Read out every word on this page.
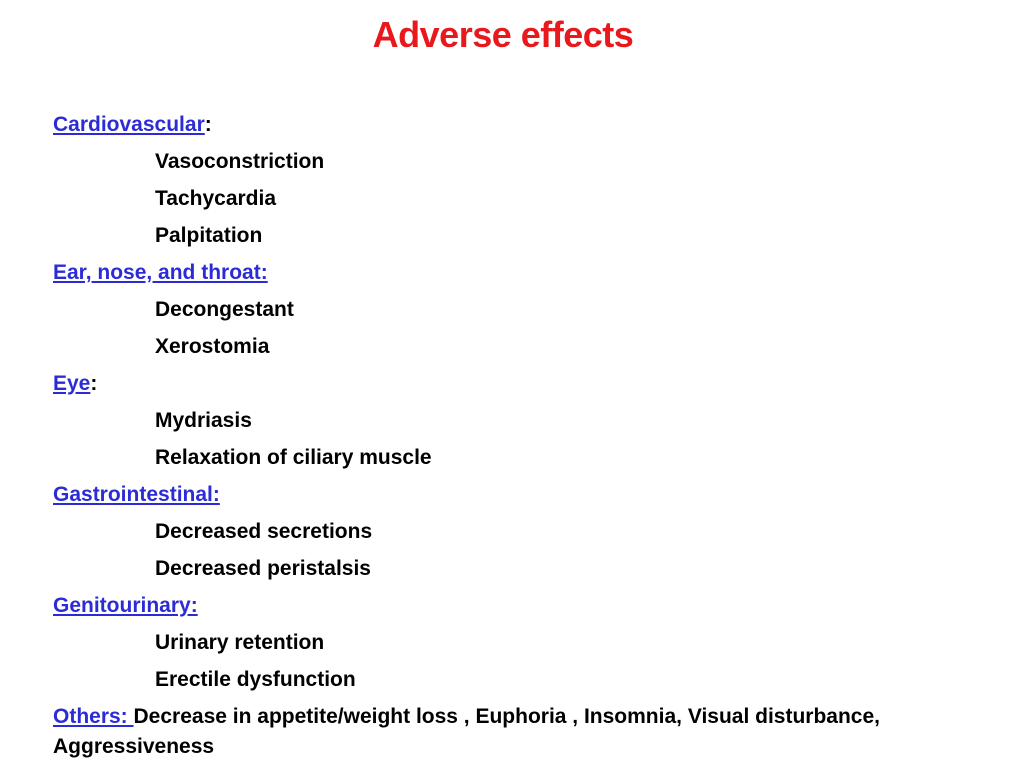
Adverse effects
Cardiovascular:
Vasoconstriction
Tachycardia
Palpitation
Ear, nose, and throat:
Decongestant
Xerostomia
Eye:
Mydriasis
Relaxation of ciliary muscle
Gastrointestinal:
Decreased secretions
Decreased peristalsis
Genitourinary:
Urinary retention
Erectile dysfunction
Others: Decrease in appetite/weight loss , Euphoria , Insomnia, Visual disturbance, Aggressiveness
